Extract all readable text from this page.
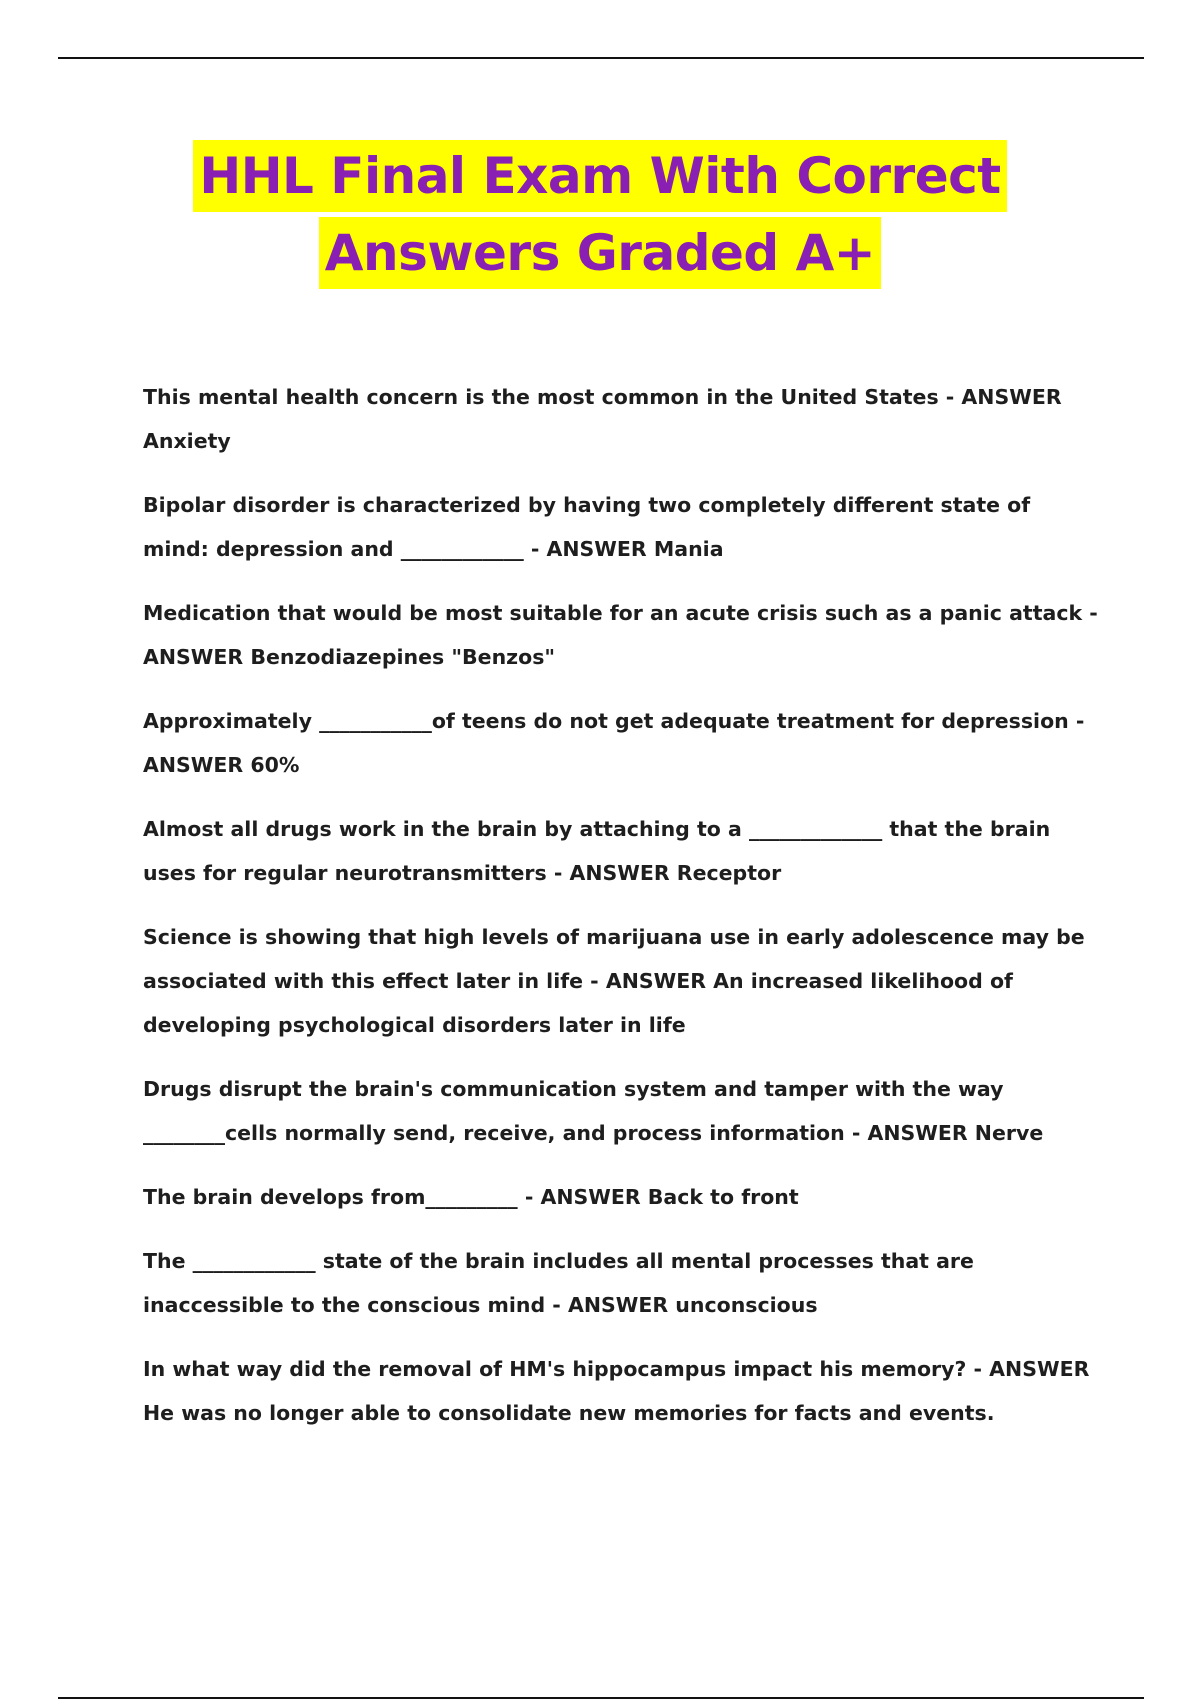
HHL Final Exam With Correct
Answers Graded A+

This mental health concern is the most common in the United States - ANSWER Anxiety

Bipolar disorder is characterized by having two completely different state of mind: depression and ____________ - ANSWER Mania

Medication that would be most suitable for an acute crisis such as a panic attack - ANSWER Benzodiazepines "Benzos"

Approximately ___________of teens do not get adequate treatment for depression - ANSWER 60%

Almost all drugs work in the brain by attaching to a _____________ that the brain uses for regular neurotransmitters - ANSWER Receptor

Science is showing that high levels of marijuana use in early adolescence may be associated with this effect later in life - ANSWER An increased likelihood of developing psychological disorders later in life

Drugs disrupt the brain's communication system and tamper with the way ________cells normally send, receive, and process information - ANSWER Nerve

The brain develops from_________ - ANSWER Back to front

The ____________ state of the brain includes all mental processes that are inaccessible to the conscious mind - ANSWER unconscious

In what way did the removal of HM's hippocampus impact his memory? - ANSWER He was no longer able to consolidate new memories for facts and events.
